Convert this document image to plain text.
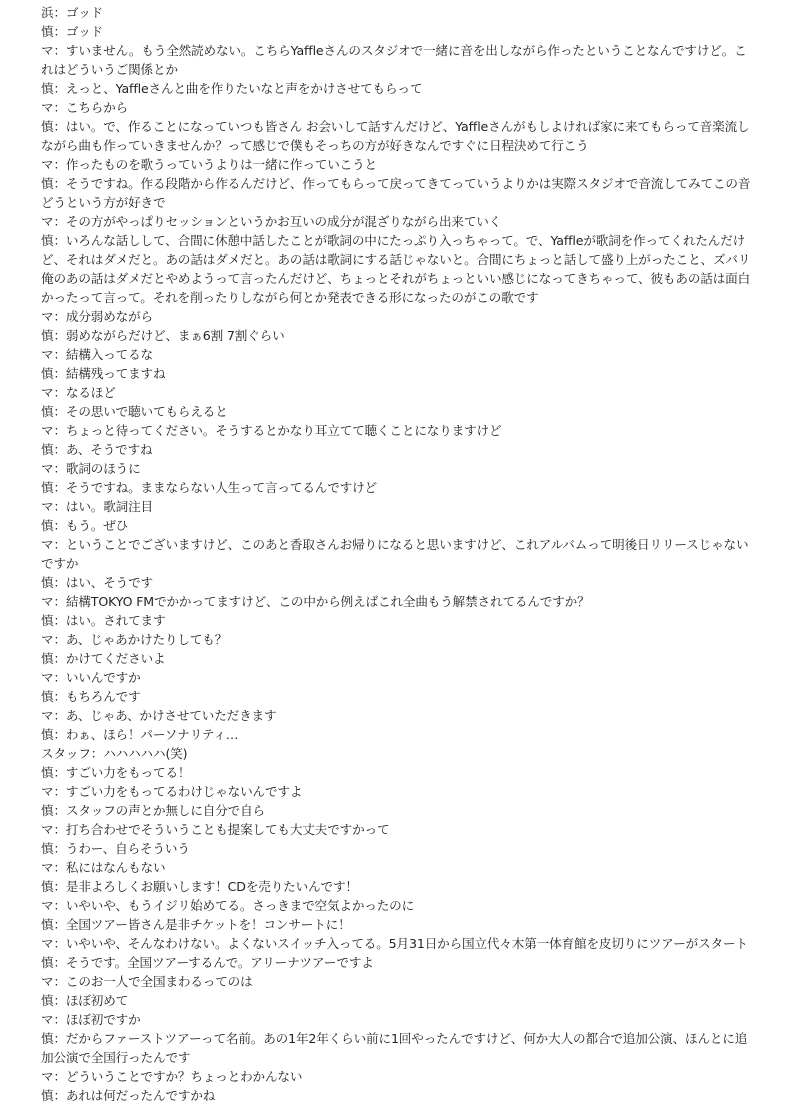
浜：ゴッド

慎：ゴッド

マ：すいません。もう全然読めない。こちらYaffleさんのスタジオで一緒に音を出しながら作ったということなんですけど。これはどういうご関係とか

慎：えっと、Yaffleさんと曲を作りたいなと声をかけさせてもらって

マ：こちらから

慎：はい。で、作ることになっていつも皆さん お会いして話すんだけど、Yaffleさんがもしよければ家に来てもらって音楽流しながら曲も作っていきませんか？って感じで僕もそっちの方が好きなんですぐに日程決めて行こう

マ：作ったものを歌うっていうよりは一緒に作っていこうと

慎：そうですね。作る段階から作るんだけど、作ってもらって戻ってきてっていうよりかは実際スタジオで音流してみてこの音どうという方が好きで

マ：その方がやっぱりセッションというかお互いの成分が混ざりながら出来ていく

慎：いろんな話しして、合間に休憩中話したことが歌詞の中にたっぷり入っちゃって。で、Yaffleが歌詞を作ってくれたんだけど、それはダメだと。あの話はダメだと。あの話は歌詞にする話じゃないと。合間にちょっと話して盛り上がったこと、ズバリ俺のあの話はダメだとやめようって言ったんだけど、ちょっとそれがちょっといい感じになってきちゃって、彼もあの話は面白かったって言って。それを削ったりしながら何とか発表できる形になったのがこの歌です

マ：成分弱めながら

慎：弱めながらだけど、まぁ6割 7割ぐらい

マ：結構入ってるな

慎：結構残ってますね

マ：なるほど

慎：その思いで聴いてもらえると

マ：ちょっと待ってください。そうするとかなり耳立てて聴くことになりますけど

慎：あ、そうですね

マ：歌詞のほうに

慎：そうですね。ままならない人生って言ってるんですけど

マ：はい。歌詞注目

慎：もう。ぜひ

マ：ということでございますけど、このあと香取さんお帰りになると思いますけど、これアルバムって明後日リリースじゃないですか

慎：はい、そうです

マ：結構TOKYO FMでかかってますけど、この中から例えばこれ全曲もう解禁されてるんですか？

慎：はい。されてます

マ：あ、じゃあかけたりしても？

慎：かけてくださいよ

マ：いいんですか

慎：もちろんです

マ：あ、じゃあ、かけさせていただきます

慎：わぁ、ほら！パーソナリティ…

スタッフ：ハハハハハ(笑)

慎：すごい力をもってる！

マ：すごい力をもってるわけじゃないんですよ

慎：スタッフの声とか無しに自分で自ら

マ：打ち合わせでそういうことも提案しても大丈夫ですかって

慎：うわー、自らそういう

マ：私にはなんもない

慎：是非よろしくお願いします！CDを売りたいんです！

マ：いやいや、もうイジリ始めてる。さっきまで空気よかったのに

慎：全国ツアー皆さん是非チケットを！コンサートに！

マ：いやいや、そんなわけない。よくないスイッチ入ってる。5月31日から国立代々木第一体育館を皮切りにツアーがスタート

慎：そうです。全国ツアーするんで。アリーナツアーですよ

マ：このお一人で全国まわるってのは

慎：ほぼ初めて

マ：ほぼ初ですか

慎：だからファーストツアーって名前。あの1年2年くらい前に1回やったんですけど、何か大人の都合で追加公演、ほんとに追加公演で全国行ったんです

マ：どういうことですか？ちょっとわかんない

慎：あれは何だったんですかね
